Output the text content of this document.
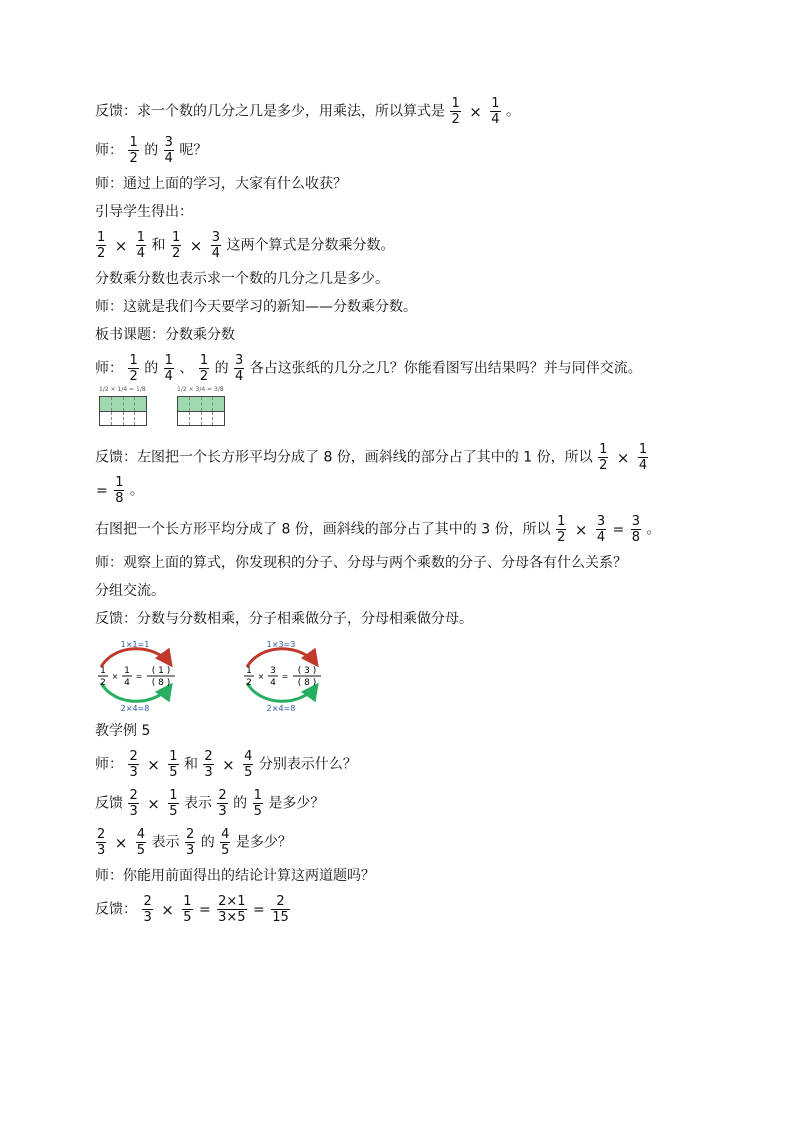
反馈：求一个数的几分之几是多少，用乘法，所以算式是 $\frac{1}{2} \times \frac{1}{4}$ 。
师： $\frac{1}{2}$ 的 $\frac{3}{4}$ 呢？
师：通过上面的学习，大家有什么收获？
引导学生得出：
$\frac{1}{2} \times \frac{1}{4}$ 和 $\frac{1}{2} \times \frac{3}{4}$ 这两个算式是分数乘分数。
分数乘分数也表示求一个数的几分之几是多少。
师：这就是我们今天要学习的新知——分数乘分数。
板书课题：分数乘分数
师： $\frac{1}{2}$ 的 $\frac{1}{4}$ 、 $\frac{1}{2}$ 的 $\frac{3}{4}$ 各占这张纸的几分之几？你能看图写出结果吗？并与同伴交流。
1/2 × 1/4 = 1/8	1/2 × 3/4 = 3/8
反馈：左图把一个长方形平均分成了 8 份，画斜线的部分占了其中的 1 份，所以 $\frac{1}{2} \times \frac{1}{4}$
= $\frac{1}{8}$ 。
右图把一个长方形平均分成了 8 份，画斜线的部分占了其中的 3 份，所以 $\frac{1}{2} \times \frac{3}{4} = \frac{3}{8}$ 。
师：观察上面的算式，你发现积的分子、分母与两个乘数的分子、分母各有什么关系？
分组交流。
反馈：分数与分数相乘，分子相乘做分子，分母相乘做分母。
1×1=1
1
2
×
1
4
=
( 1 )
( 8 )
2×4=8
1×3=3
1
2
×
3
4
=
( 3 )
( 8 )
2×4=8
教学例 5
师： $\frac{2}{3} \times \frac{1}{5}$ 和 $\frac{2}{3} \times \frac{4}{5}$ 分别表示什么？
反馈 $\frac{2}{3} \times \frac{1}{5}$ 表示 $\frac{2}{3}$ 的 $\frac{1}{5}$ 是多少？
$\frac{2}{3} \times \frac{4}{5}$ 表示 $\frac{2}{3}$ 的 $\frac{4}{5}$ 是多少？
师：你能用前面得出的结论计算这两道题吗？
反馈： $\frac{2}{3} \times \frac{1}{5} = \frac{2\times 1}{3\times 5} = \frac{2}{15}$
